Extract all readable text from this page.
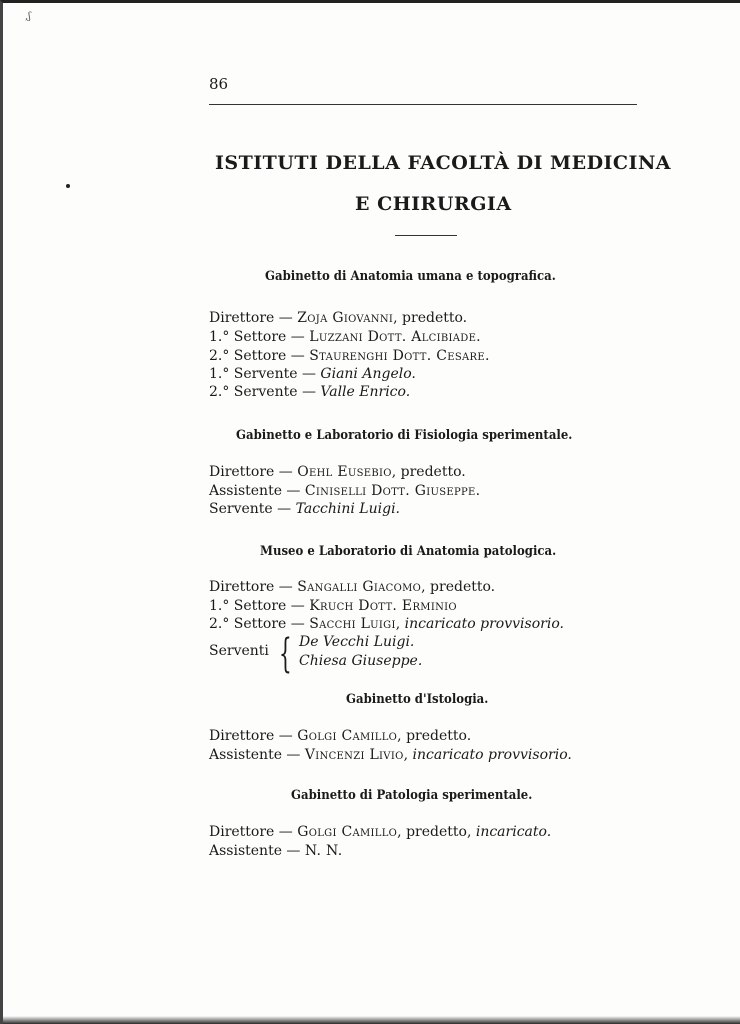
,ʃ
86
ISTITUTI DELLA FACOLTÀ DI MEDICINA
E CHIRURGIA
Gabinetto di Anatomia umana e topografica.
Direttore — Zoja Giovanni, predetto.
1.° Settore — Luzzani Dott. Alcibiade.
2.° Settore — Staurenghi Dott. Cesare.
1.° Servente — Giani Angelo.
2.° Servente — Valle Enrico.
Gabinetto e Laboratorio di Fisiologia sperimentale.
Direttore — Oehl Eusebio, predetto.
Assistente — Ciniselli Dott. Giuseppe.
Servente — Tacchini Luigi.
Museo e Laboratorio di Anatomia patologica.
Direttore — Sangalli Giacomo, predetto.
1.° Settore — Kruch Dott. Erminio
2.° Settore — Sacchi Luigi, incaricato provvisorio.
Serventi { De Vecchi Luigi.
Chiesa Giuseppe.
Gabinetto d'Istologia.
Direttore — Golgi Camillo, predetto.
Assistente — Vincenzi Livio, incaricato provvisorio.
Gabinetto di Patologia sperimentale.
Direttore — Golgi Camillo, predetto, incaricato.
Assistente — N. N.
